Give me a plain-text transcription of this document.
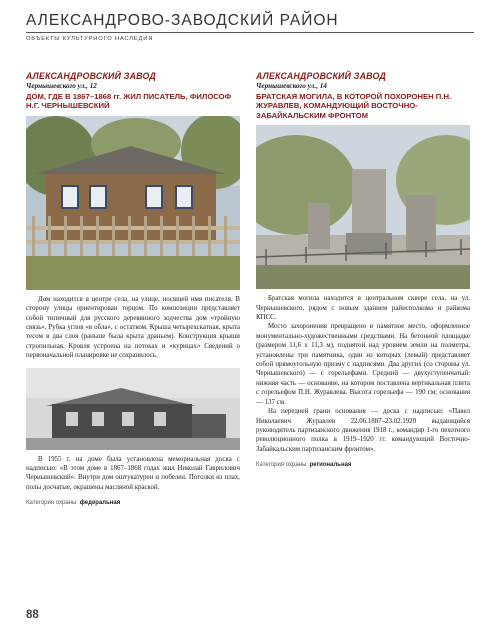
АЛЕКСАНДРОВО-ЗАВОДСКИЙ РАЙОН
ОБЪЕКТЫ КУЛЬТУРНОГО НАСЛЕДИЯ
АЛЕКСАНДРОВСКИЙ ЗАВОД
Чернышевского ул., 12
ДОМ, ГДЕ В 1867–1868 гг. ЖИЛ ПИСАТЕЛЬ, ФИЛОСОФ Н.Г. ЧЕРНЫШЕВСКИЙ

Дом находится в центре села, на улице, носящей имя писателя. В сторону улицы ориентирован торцом. По композиции представляет собой типичный для русского деревянного зодчества дом «тройную связь». Рубка углов «в обла», с остатком. Крыша четырехскатная, крыта тесом в два слоя (раньше была крыта драньем). Конструкция крыши стропильная. Кровля устроена на потоках и «курицах» Сведений о первоначальной планировке не сохранилось.

В 1955 г. на доме была установлена мемориальная доска с надписью: «В этом доме в 1867–1868 годах жил Николай Гаврилович Чернышевский». Внутри дом оштукатурен и побелен. Потолки из плах, полы досчатые, окрашены масляной краской.

Категория охраны: федеральная
АЛЕКСАНДРОВСКИЙ ЗАВОД
Чернышевского ул., 14
БРАТСКАЯ МОГИЛА, В КОТОРОЙ ПОХОРОНЕН П.Н. ЖУРАВЛЕВ, КОМАНДУЮЩИЙ ВОСТОЧНО-ЗАБАЙКАЛЬСКИМ ФРОНТОМ

Братская могила находится в центральном сквере села, на ул. Чернышевского, рядом с новым зданием райисполкома и райкома КПСС.

Место захоронения превращено в памятное место, оформленное монументально-художественными средствами. На бетонной площадке (размером 11,6 х 11,3 м), поднятой над уровнем земли на полметра, установлены три памятника, один из которых (левый) представляет собой прямоугольную призму с надписями. Два других (со стороны ул. Чернышевского) — с горельефами. Средний — двухуступенчатый: нижняя часть — основание, на котором поставлена вертикальная плита с горельефом П.Н. Журавлева. Высота горельефа — 190 см; основания — 137 см.

На передней грани основания — доска с надписью: «Павел Николаевич Журавлев 22.06.1887–23.02.1920 выдающийся руководитель партизанского движения 1918 г., командир 1-го пехотного революционного полка в 1919–1920 гг. командующий Восточно-Забайкальским партизанским фронтом».

Категория охраны: региональная
88
